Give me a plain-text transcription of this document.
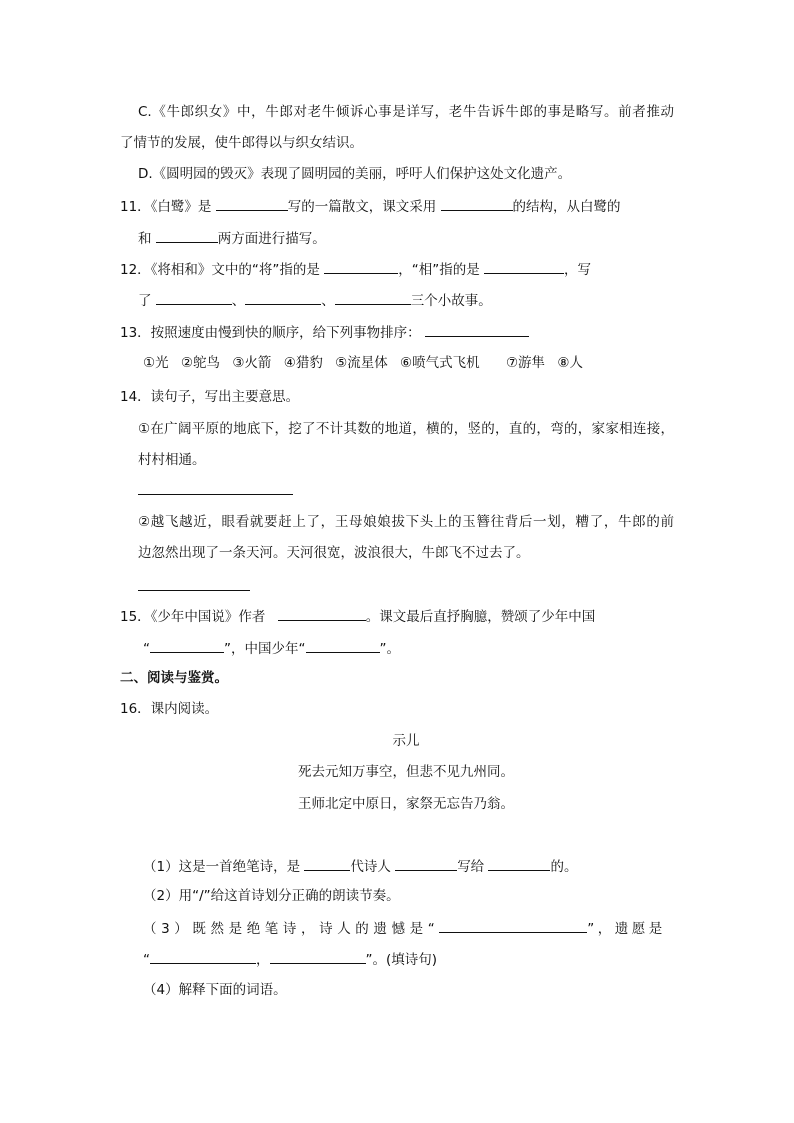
C.《牛郎织女》中，牛郎对老牛倾诉心事是详写，老牛告诉牛郎的事是略写。前者推动
了情节的发展，使牛郎得以与织女结识。
D.《圆明园的毁灭》表现了圆明园的美丽，呼吁人们保护这处文化遗产。
11．《白鹭》是	写的一篇散文，课文采用	的结构，从白鹭的
和	两方面进行描写。
12．《将相和》文中的“将”指的是	，“相”指的是	，写
了	、	、	三个小故事。
13．按照速度由慢到快的顺序，给下列事物排序：
①光 ②鸵鸟 ③火箭 ④猎豹 ⑤流星体 ⑥喷气式飞机 ⑦游隼 ⑧人
14．读句子，写出主要意思。
①在广阔平原的地底下，挖了不计其数的地道，横的，竖的，直的，弯的，家家相连接，
村村相通。
②越飞越近，眼看就要赶上了，王母娘娘拔下头上的玉簪往背后一划，糟了，牛郎的前
边忽然出现了一条天河。天河很宽，波浪很大，牛郎飞不过去了。
15．《少年中国说》作者	。课文最后直抒胸臆，赞颂了少年中国
“	”，中国少年“	”。
二、阅读与鉴赏。
16．课内阅读。
示儿
死去元知万事空，但悲不见九州同。
王师北定中原日，家祭无忘告乃翁。
（1）这是一首绝笔诗，是	代诗人	写给	的。
（2）用“/”给这首诗划分正确的朗读节奏。
（3）既然是绝笔诗，诗人的遗憾是“	”，遗愿是
“	，	”。(填诗句)
（4）解释下面的词语。
